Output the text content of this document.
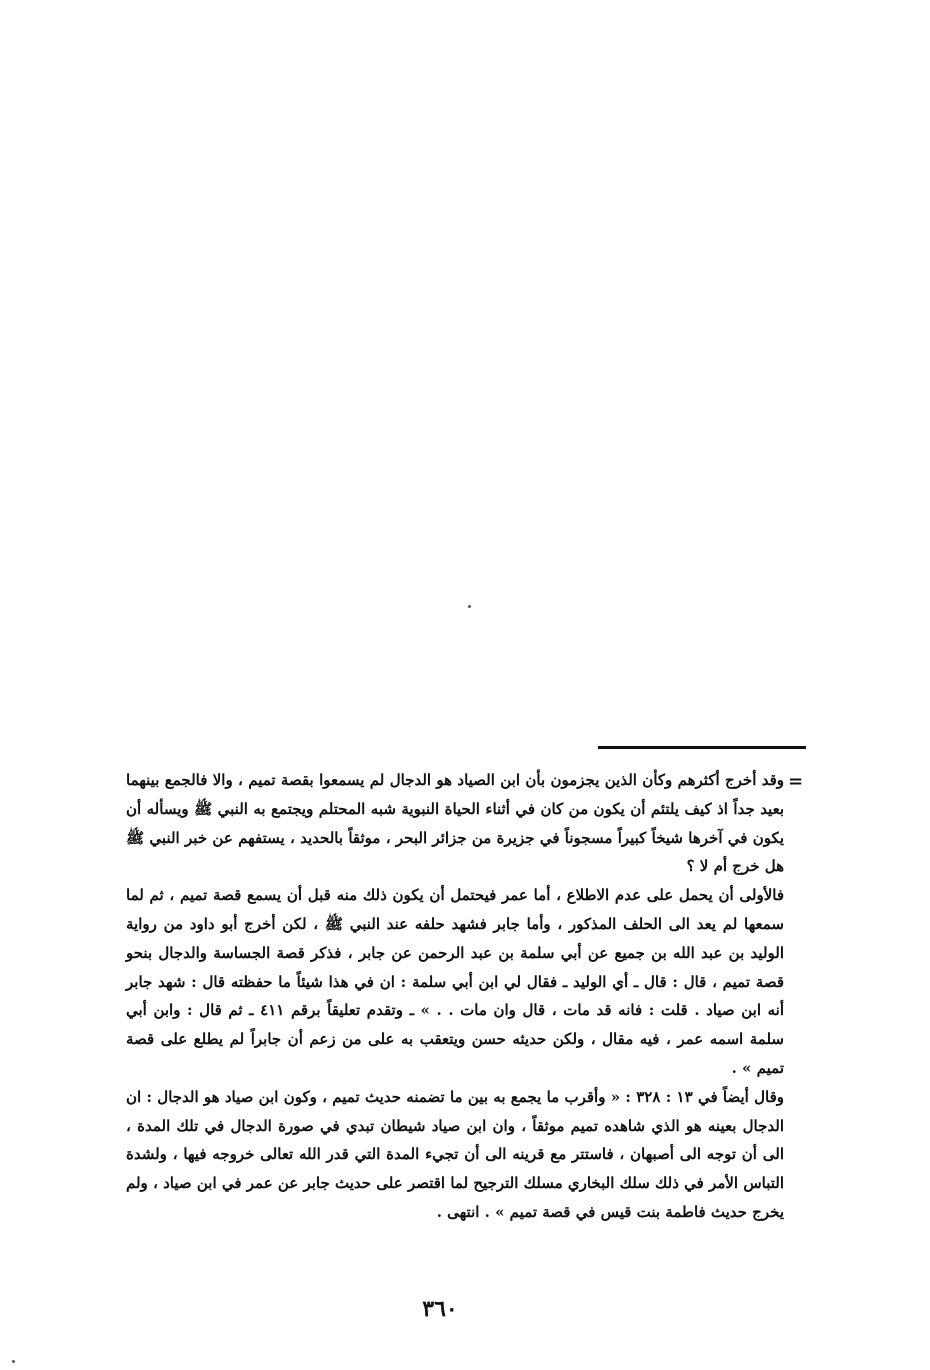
=

وقد أخرج أكثرهم وكأن الذين يجزمون بأن ابن الصياد هو الدجال لم يسمعوا بقصة تميم ، والا فالجمع بينهما بعيد جداً اذ كيف يلتئم أن يكون من كان في أثناء الحياة النبوية شبه المحتلم ويجتمع به النبي ﷺ ويسأله أن يكون في آخرها شيخاً كبيراً مسجوناً في جزيرة من جزائر البحر ، موثقاً بالحديد ، يستفهم عن خبر النبي ﷺ هل خرج أم لا ؟

فالأولى أن يحمل على عدم الاطلاع ، أما عمر فيحتمل أن يكون ذلك منه قبل أن يسمع قصة تميم ، ثم لما سمعها لم يعد الى الحلف المذكور ، وأما جابر فشهد حلفه عند النبي ﷺ ، لكن أخرج أبو داود من رواية الوليد بن عبد الله بن جميع عن أبي سلمة بن عبد الرحمن عن جابر ، فذكر قصة الجساسة والدجال بنحو قصة تميم ، قال : قال ـ أي الوليد ـ فقال لي ابن أبي سلمة : ان في هذا شيئاً ما حفظته قال : شهد جابر أنه ابن صياد . قلت : فانه قد مات ، قال وان مات . . » ـ وتقدم تعليقاً برقم ٤١١ ـ ثم قال : وابن أبي سلمة اسمه عمر ، فيه مقال ، ولكن حديثه حسن ويتعقب به على من زعم أن جابراً لم يطلع على قصة تميم » .

وقال أيضاً في ١٣ : ٣٢٨ : « وأقرب ما يجمع به بين ما تضمنه حديث تميم ، وكون ابن صياد هو الدجال : ان الدجال بعينه هو الذي شاهده تميم موثقاً ، وان ابن صياد شيطان تبدي في صورة الدجال في تلك المدة ، الى أن توجه الى أصبهان ، فاستتر مع قرينه الى أن تجيء المدة التي قدر الله تعالى خروجه فيها ، ولشدة التباس الأمر في ذلك سلك البخاري مسلك الترجيح لما اقتصر على حديث جابر عن عمر في ابن صياد ، ولم يخرج حديث فاطمة بنت قيس في قصة تميم » . انتهى .

٣٦٠
